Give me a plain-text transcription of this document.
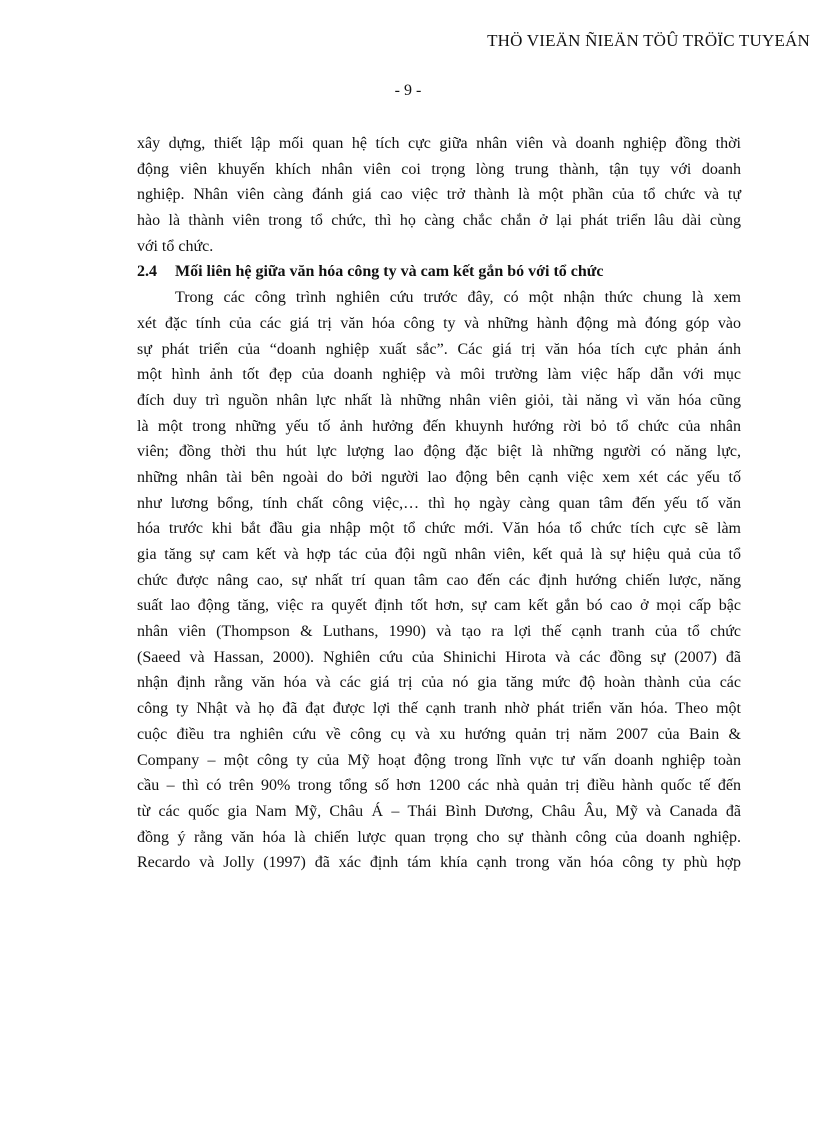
THÖ VIEÄN ÑIEÄN TÖÛ TRÖÏC TUYEÁN
- 9 -
xây dựng, thiết lập mối quan hệ tích cực giữa nhân viên và doanh nghiệp đồng thời
động viên khuyến khích nhân viên coi trọng lòng trung thành, tận tụy với doanh
nghiệp. Nhân viên càng đánh giá cao việc trở thành là một phần của tổ chức và tự
hào là thành viên trong tổ chức, thì họ càng chắc chắn ở lại phát triển lâu dài cùng
với tổ chức.
2.4 Mối liên hệ giữa văn hóa công ty và cam kết gắn bó với tổ chức
Trong các công trình nghiên cứu trước đây, có một nhận thức chung là xem
xét đặc tính của các giá trị văn hóa công ty và những hành động mà đóng góp vào
sự phát triển của “doanh nghiệp xuất sắc”. Các giá trị văn hóa tích cực phản ánh
một hình ảnh tốt đẹp của doanh nghiệp và môi trường làm việc hấp dẫn với mục
đích duy trì nguồn nhân lực nhất là những nhân viên giỏi, tài năng vì văn hóa cũng
là một trong những yếu tố ảnh hưởng đến khuynh hướng rời bỏ tổ chức của nhân
viên; đồng thời thu hút lực lượng lao động đặc biệt là những người có năng lực,
những nhân tài bên ngoài do bởi người lao động bên cạnh việc xem xét các yếu tố
như lương bổng, tính chất công việc,… thì họ ngày càng quan tâm đến yếu tố văn
hóa trước khi bắt đầu gia nhập một tổ chức mới. Văn hóa tổ chức tích cực sẽ làm
gia tăng sự cam kết và hợp tác của đội ngũ nhân viên, kết quả là sự hiệu quả của tổ
chức được nâng cao, sự nhất trí quan tâm cao đến các định hướng chiến lược, năng
suất lao động tăng, việc ra quyết định tốt hơn, sự cam kết gắn bó cao ở mọi cấp bậc
nhân viên (Thompson & Luthans, 1990) và tạo ra lợi thế cạnh tranh của tổ chức
(Saeed và Hassan, 2000). Nghiên cứu của Shinichi Hirota và các đồng sự (2007) đã
nhận định rằng văn hóa và các giá trị của nó gia tăng mức độ hoàn thành của các
công ty Nhật và họ đã đạt được lợi thế cạnh tranh nhờ phát triển văn hóa. Theo một
cuộc điều tra nghiên cứu về công cụ và xu hướng quản trị năm 2007 của Bain &
Company – một công ty của Mỹ hoạt động trong lĩnh vực tư vấn doanh nghiệp toàn
cầu – thì có trên 90% trong tổng số hơn 1200 các nhà quản trị điều hành quốc tế đến
từ các quốc gia Nam Mỹ, Châu Á – Thái Bình Dương, Châu Âu, Mỹ và Canada đã
đồng ý rằng văn hóa là chiến lược quan trọng cho sự thành công của doanh nghiệp.
Recardo và Jolly (1997) đã xác định tám khía cạnh trong văn hóa công ty phù hợp
